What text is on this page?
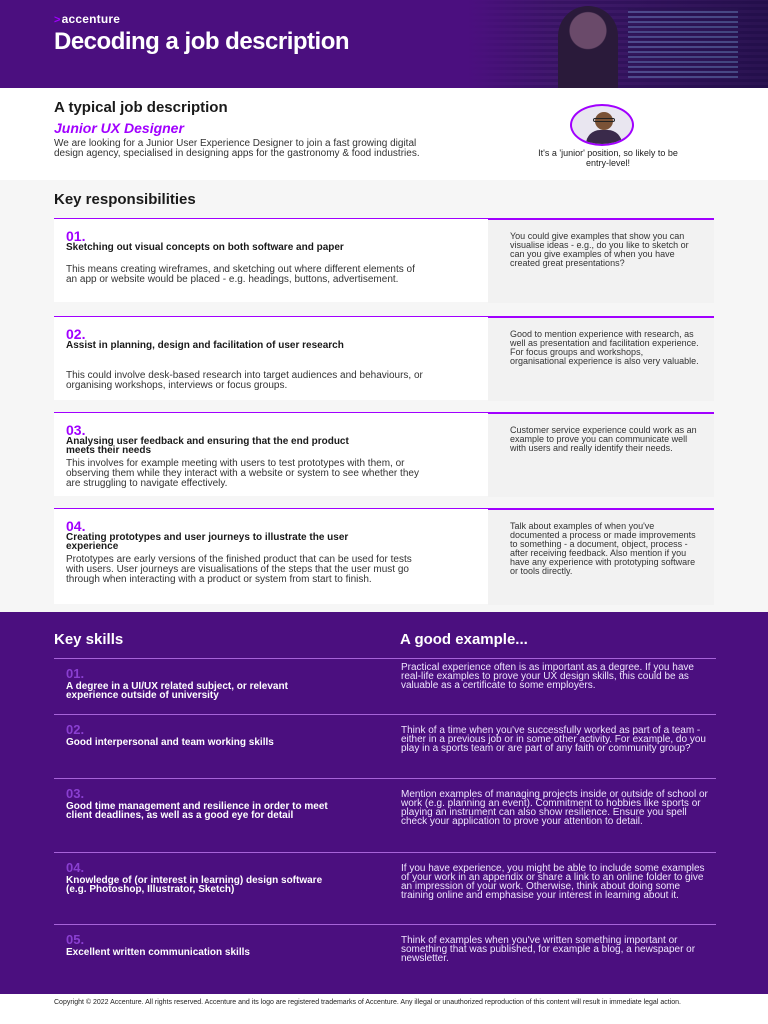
>accenture
Decoding a job description
A typical job description
Junior UX Designer
We are looking for a Junior User Experience Designer to join a fast growing digital design agency, specialised in designing apps for the gastronomy & food industries.	It's a 'junior' position, so likely to be entry-level!
Key responsibilities
01.
Sketching out visual concepts on both software and paper
This means creating wireframes, and sketching out where different elements of an app or website would be placed - e.g. headings, buttons, advertisement.
You could give examples that show you can visualise ideas - e.g., do you like to sketch or can you give examples of when you have created great presentations?
02.
Assist in planning, design and facilitation of user research
This could involve desk-based research into target audiences and behaviours, or organising workshops, interviews or focus groups.
Good to mention experience with research, as well as presentation and facilitation experience. For focus groups and workshops, organisational experience is also very valuable.
03.
Analysing user feedback and ensuring that the end product meets their needs
This involves for example meeting with users to test prototypes with them, or observing them while they interact with a website or system to see whether they are struggling to navigate effectively.
Customer service experience could work as an example to prove you can communicate well with users and really identify their needs.
04.
Creating prototypes and user journeys to illustrate the user experience
Prototypes are early versions of the finished product that can be used for tests with users. User journeys are visualisations of the steps that the user must go through when interacting with a product or system from start to finish.
Talk about examples of when you've documented a process or made improvements to something - a document, object, process - after receiving feedback. Also mention if you have any experience with prototyping software or tools directly.
Key skills	A good example...
01.
A degree in a UI/UX related subject, or relevant experience outside of university
Practical experience often is as important as a degree. If you have real-life examples to prove your UX design skills, this could be as valuable as a certificate to some employers.
02.
Good interpersonal and team working skills
Think of a time when you've successfully worked as part of a team - either in a previous job or in some other activity. For example, do you play in a sports team or are part of any faith or community group?
03.
Good time management and resilience in order to meet client deadlines, as well as a good eye for detail
Mention examples of managing projects inside or outside of school or work (e.g. planning an event). Commitment to hobbies like sports or playing an instrument can also show resilience. Ensure you spell check your application to prove your attention to detail.
04.
Knowledge of (or interest in learning) design software (e.g. Photoshop, Illustrator, Sketch)
If you have experience, you might be able to include some examples of your work in an appendix or share a link to an online folder to give an impression of your work. Otherwise, think about doing some training online and emphasise your interest in learning about it.
05.
Excellent written communication skills
Think of examples when you've written something important or something that was published, for example a blog, a newspaper or newsletter.
Copyright © 2022 Accenture. All rights reserved. Accenture and its logo are registered trademarks of Accenture. Any illegal or unauthorized reproduction of this content will result in immediate legal action.
